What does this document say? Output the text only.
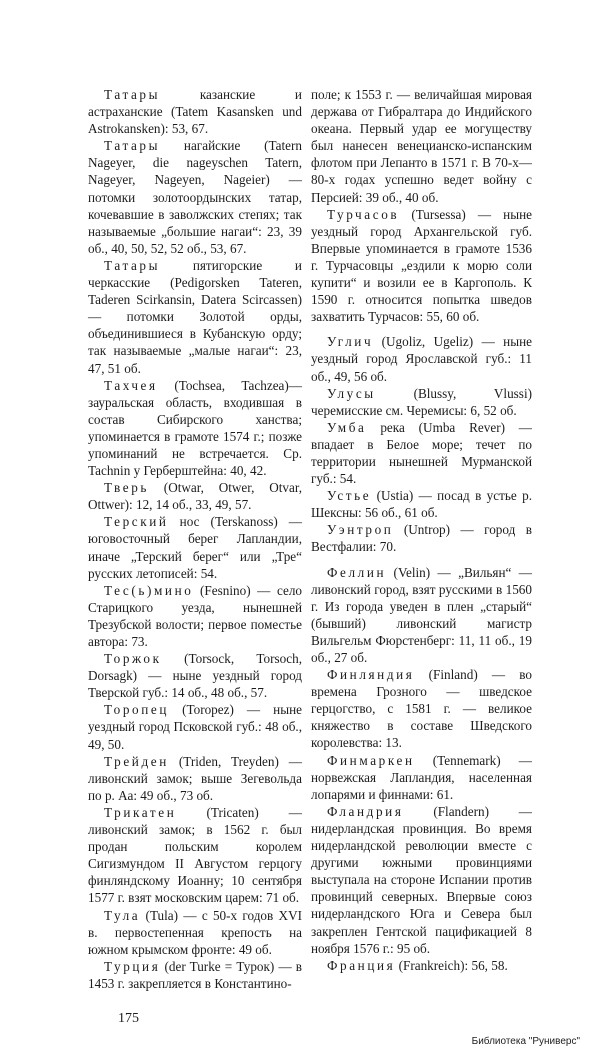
Татары казанские и астраханские (Tatem Kasansken und Astrokansken): 53, 67.

Татары нагайские (Tatern Nageyer, die nageyschen Tatern, Nageyer, Nageyen, Nageier) — потомки золотоордынских татар, кочевавшие в заволжских степях; так называемые „большие нагаи“: 23, 39 об., 40, 50, 52, 52 об., 53, 67.

Татары пятигорские и черкасские (Pedigorsken Tateren, Taderen Scirkansin, Datera Scircassen) — потомки Золотой орды, объединившиеся в Кубанскую орду; так называемые „малые нагаи“: 23, 47, 51 об.

Тахчея (Tochsea, Tachzea)—зауральская область, входившая в состав Сибирского ханства; упоминается в грамоте 1574 г.; позже упоминаний не встречается. Ср. Tachnin у Герберштейна: 40, 42.

Тверь (Otwar, Otwer, Otvar, Ottwer): 12, 14 об., 33, 49, 57.

Терский нос (Terskanoss) — юговосточный берег Лапландии, иначе „Терский берег“ или „Тре“ русских летописей: 54.

Тес(ь)мино (Fesnino) — село Старицкого уезда, нынешней Трезубской волости; первое поместье автора: 73.

Торжок (Torsock, Torsoch, Dorsagk) — ныне уездный город Тверской губ.: 14 об., 48 об., 57.

Торопец (Toropez) — ныне уездный город Псковской губ.: 48 об., 49, 50.

Трейден (Triden, Treyden) — ливонский замок; выше Зегевольда по р. Аа: 49 об., 73 об.

Трикатен (Tricaten) — ливонский замок; в 1562 г. был продан польским королем Сигизмундом II Августом герцогу финляндскому Иоанну; 10 сентября 1577 г. взят московским царем: 71 об.

Тула (Tula) — с 50-х годов XVI в. первостепенная крепость на южном крымском фронте: 49 об.

Турция (der Turke = Турок) — в 1453 г. закрепляется в Константино-

175

поле; к 1553 г. — величайшая мировая держава от Гибралтара до Индийского океана. Первый удар ее могуществу был нанесен венецианско-испанским флотом при Лепанто в 1571 г. В 70-х—80-х годах успешно ведет войну с Персией: 39 об., 40 об.

Турчасов (Tursessa) — ныне уездный город Архангельской губ. Впервые упоминается в грамоте 1536 г. Турчасовцы „ездили к морю соли купити“ и возили ее в Каргополь. К 1590 г. относится попытка шведов захватить Турчасов: 55, 60 об.

Углич (Ugoliz, Ugeliz) — ныне уездный город Ярославской губ.: 11 об., 49, 56 об.

Улусы (Blussy, Vlussi) черемисские см. Черемисы: 6, 52 об.

Умба река (Umba Rever) — впадает в Белое море; течет по территории нынешней Мурманской губ.: 54.

Устье (Ustia) — посад в устье р. Шексны: 56 об., 61 об.

Уэнтроп (Untrop) — город в Вестфалии: 70.

Феллин (Velin) — „Вильян“ — ливонский город, взят русскими в 1560 г. Из города уведен в плен „старый“ (бывший) ливонский магистр Вильгельм Фюрстенберг: 11, 11 об., 19 об., 27 об.

Финляндия (Finland) — во времена Грозного — шведское герцогство, с 1581 г. — великое княжество в составе Шведского королевства: 13.

Финмаркен (Tennemark) — норвежская Лапландия, населенная лопарями и финнами: 61.

Фландрия (Flandern) — нидерландская провинция. Во время нидерландской революции вместе с другими южными провинциями выступала на стороне Испании против провинций северных. Впервые союз нидерландского Юга и Севера был закреплен Гентской пацификацией 8 ноября 1576 г.: 95 об.

Франция (Frankreich): 56, 58.

Библиотека "Руниверс"
